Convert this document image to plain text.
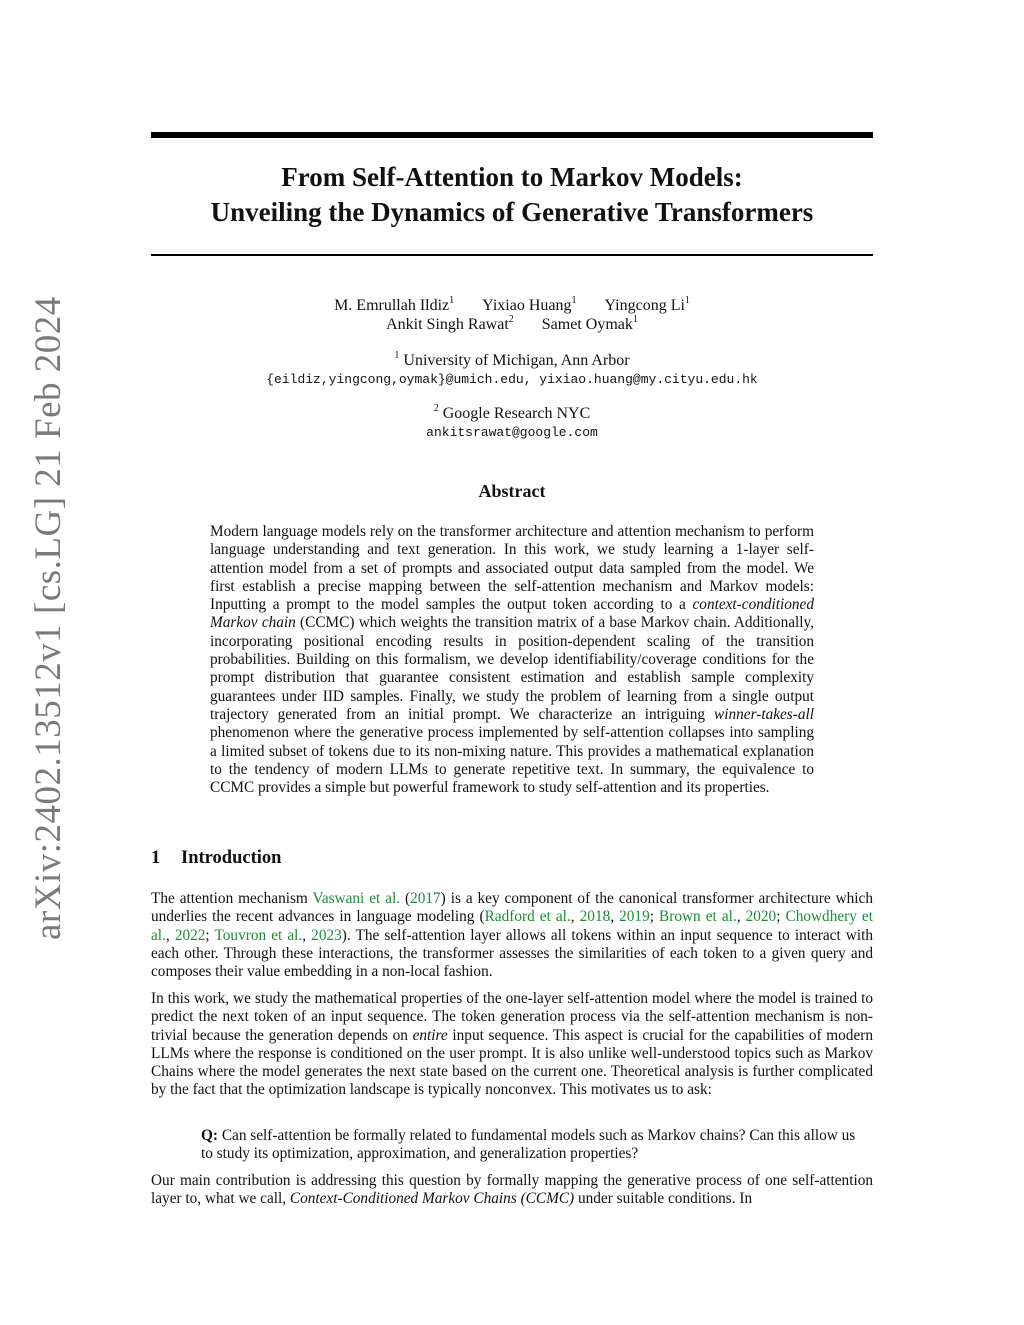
arXiv:2402.13512v1 [cs.LG] 21 Feb 2024
From Self-Attention to Markov Models:
Unveiling the Dynamics of Generative Transformers
M. Emrullah Ildiz$^1$ Yixiao Huang$^1$ Yingcong Li$^1$
Ankit Singh Rawat$^2$ Samet Oymak$^1$
$^1$ University of Michigan, Ann Arbor
{eildiz,yingcong,oymak}@umich.edu, yixiao.huang@my.cityu.edu.hk
$^2$ Google Research NYC
ankitsrawat@google.com
Abstract
Modern language models rely on the transformer architecture and attention mechanism to perform language understanding and text generation. In this work, we study learning a 1-layer self-attention model from a set of prompts and associated output data sampled from the model. We first establish a precise mapping between the self-attention mechanism and Markov models: Inputting a prompt to the model samples the output token according to a context-conditioned Markov chain (CCMC) which weights the transition matrix of a base Markov chain. Additionally, incorporating positional encoding results in position-dependent scaling of the transition probabilities. Building on this formalism, we develop identifiability/coverage conditions for the prompt distribution that guarantee consistent estimation and establish sample complexity guarantees under IID samples. Finally, we study the problem of learning from a single output trajectory generated from an initial prompt. We characterize an intriguing winner-takes-all phenomenon where the generative process implemented by self-attention collapses into sampling a limited subset of tokens due to its non-mixing nature. This provides a mathematical explanation to the tendency of modern LLMs to generate repetitive text. In summary, the equivalence to CCMC provides a simple but powerful framework to study self-attention and its properties.
1 Introduction
The attention mechanism Vaswani et al. (2017) is a key component of the canonical transformer architecture which underlies the recent advances in language modeling (Radford et al., 2018, 2019; Brown et al., 2020; Chowdhery et al., 2022; Touvron et al., 2023). The self-attention layer allows all tokens within an input sequence to interact with each other. Through these interactions, the transformer assesses the similarities of each token to a given query and composes their value embedding in a non-local fashion.
In this work, we study the mathematical properties of the one-layer self-attention model where the model is trained to predict the next token of an input sequence. The token generation process via the self-attention mechanism is non-trivial because the generation depends on entire input sequence. This aspect is crucial for the capabilities of modern LLMs where the response is conditioned on the user prompt. It is also unlike well-understood topics such as Markov Chains where the model generates the next state based on the current one. Theoretical analysis is further complicated by the fact that the optimization landscape is typically nonconvex. This motivates us to ask:
Q: Can self-attention be formally related to fundamental models such as Markov chains? Can this allow us to study its optimization, approximation, and generalization properties?
Our main contribution is addressing this question by formally mapping the generative process of one self-attention layer to, what we call, Context-Conditioned Markov Chains (CCMC) under suitable conditions. In
